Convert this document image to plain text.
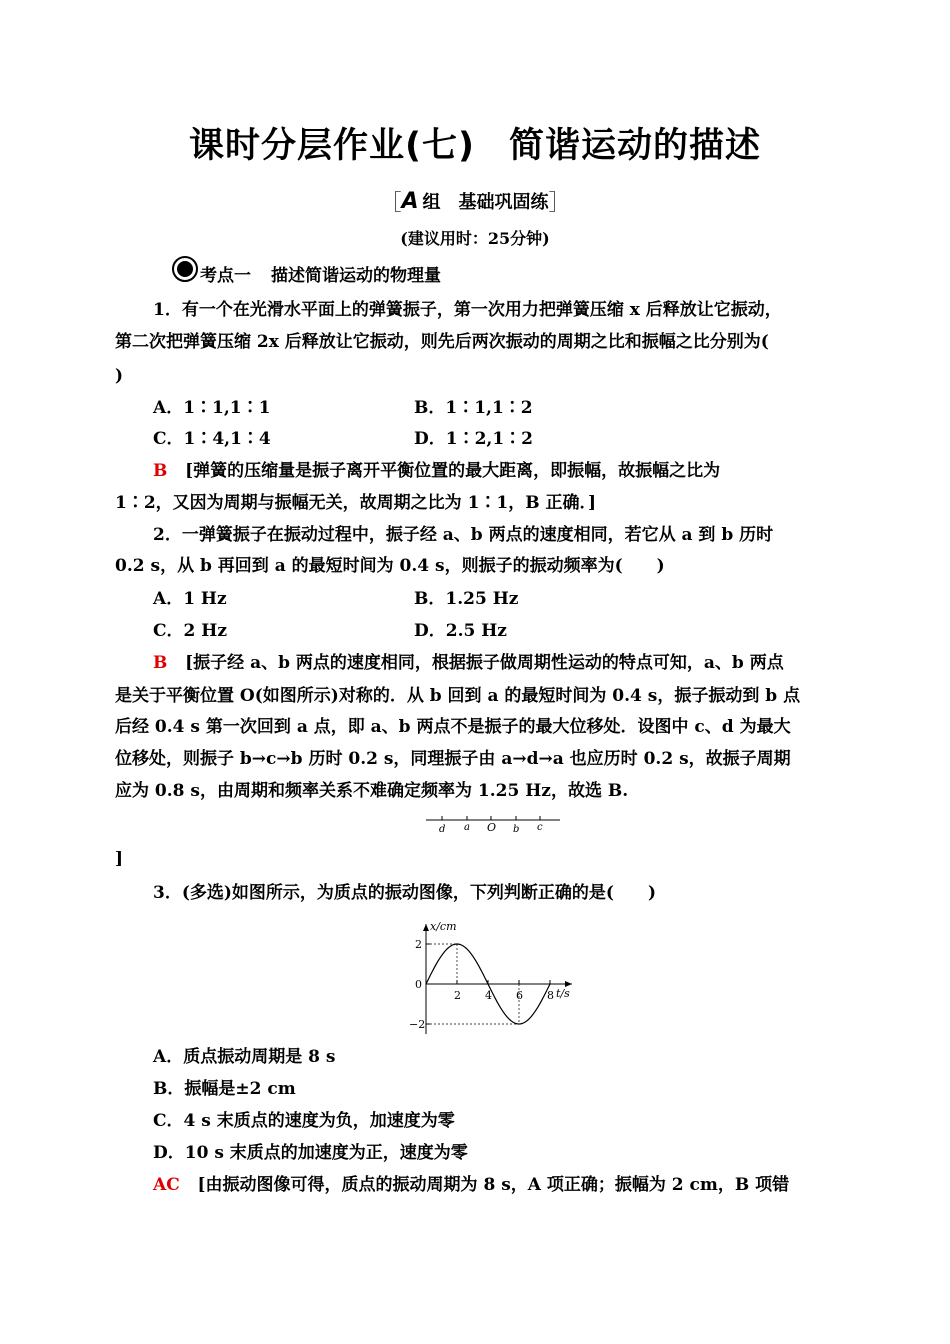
课时分层作业(七) 简谐运动的描述
［A 组　基础巩固练］
(建议用时：25分钟)
考点一 描述简谐运动的物理量
1．有一个在光滑水平面上的弹簧振子，第一次用力把弹簧压缩 x 后释放让它振动，
第二次把弹簧压缩 2x 后释放让它振动，则先后两次振动的周期之比和振幅之比分别为(
)
A．1∶1,1∶1	B．1∶1,1∶2
C．1∶4,1∶4	D．1∶2,1∶2
B [弹簧的压缩量是振子离开平衡位置的最大距离，即振幅，故振幅之比为
1∶2，又因为周期与振幅无关，故周期之比为 1∶1，B 正确．]
2．一弹簧振子在振动过程中，振子经 a、b 两点的速度相同，若它从 a 到 b 历时
0.2 s，从 b 再回到 a 的最短时间为 0.4 s，则振子的振动频率为(　　)
A．1 Hz	B．1.25 Hz
C．2 Hz	D．2.5 Hz
B [振子经 a、b 两点的速度相同，根据振子做周期性运动的特点可知，a、b 两点
是关于平衡位置 O(如图所示)对称的．从 b 回到 a 的最短时间为 0.4 s，振子振动到 b 点
后经 0.4 s 第一次回到 a 点，即 a、b 两点不是振子的最大位移处．设图中 c、d 为最大
位移处，则振子 b→c→b 历时 0.2 s，同理振子由 a→d→a 也应历时 0.2 s，故振子周期
应为 0.8 s，由周期和频率关系不难确定频率为 1.25 Hz，故选 B.
d a O b c
]
3．(多选)如图所示，为质点的振动图像，下列判断正确的是(　　)
t/s
x/cm
2 4 6 8
2
0
−2
A．质点振动周期是 8 s
B．振幅是±2 cm
C．4 s 末质点的速度为负，加速度为零
D．10 s 末质点的加速度为正，速度为零
AC [由振动图像可得，质点的振动周期为 8 s，A 项正确；振幅为 2 cm，B 项错
